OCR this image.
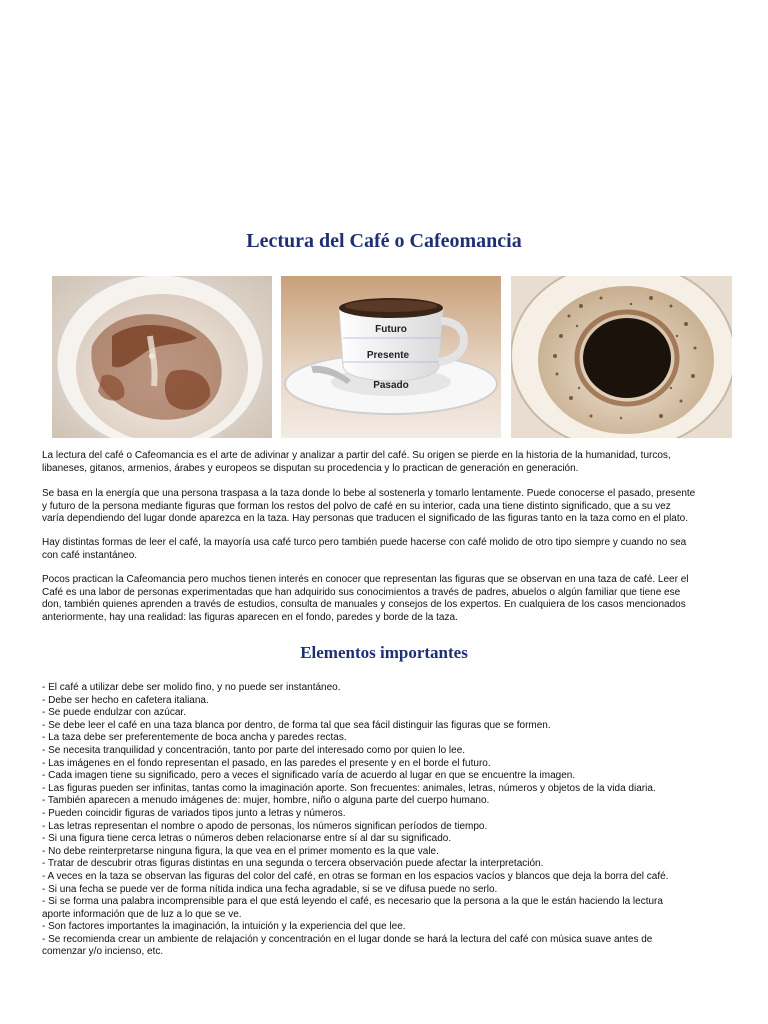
Lectura del Café o Cafeomancia
Futuro
Presente
Pasado
La lectura del café o Cafeomancia es el arte de adivinar y analizar a partir del café. Su origen se pierde en la historia de la humanidad, turcos,
libaneses, gitanos, armenios, árabes y europeos se disputan su procedencia y lo practican de generación en generación.
Se basa en la energía que una persona traspasa a la taza donde lo bebe al sostenerla y tomarlo lentamente. Puede conocerse el pasado, presente
y futuro de la persona mediante figuras que forman los restos del polvo de café en su interior, cada una tiene distinto significado, que a su vez
varía dependiendo del lugar donde aparezca en la taza. Hay personas que traducen el significado de las figuras tanto en la taza como en el plato.
Hay distintas formas de leer el café, la mayoría usa café turco pero también puede hacerse con café molido de otro tipo siempre y cuando no sea
con café instantáneo.
Pocos practican la Cafeomancia pero muchos tienen interés en conocer que representan las figuras que se observan en una taza de café. Leer el
Café es una labor de personas experimentadas que han adquirido sus conocimientos a través de padres, abuelos o algún familiar que tiene ese
don, también quienes aprenden a través de estudios, consulta de manuales y consejos de los expertos. En cualquiera de los casos mencionados
anteriormente, hay una realidad: las figuras aparecen en el fondo, paredes y borde de la taza.
Elementos importantes
- El café a utilizar debe ser molido fino, y no puede ser instantáneo.
- Debe ser hecho en cafetera italiana.
- Se puede endulzar con azúcar.
- Se debe leer el café en una taza blanca por dentro, de forma tal que sea fácil distinguir las figuras que se formen.
- La taza debe ser preferentemente de boca ancha y paredes rectas.
- Se necesita tranquilidad y concentración, tanto por parte del interesado como por quien lo lee.
- Las imágenes en el fondo representan el pasado, en las paredes el presente y en el borde el futuro.
- Cada imagen tiene su significado, pero a veces el significado varía de acuerdo al lugar en que se encuentre la imagen.
- Las figuras pueden ser infinitas, tantas como la imaginación aporte. Son frecuentes: animales, letras, números y objetos de la vida diaria.
- También aparecen a menudo imágenes de: mujer, hombre, niño o alguna parte del cuerpo humano.
- Pueden coincidir figuras de variados tipos junto a letras y números.
- Las letras representan el nombre o apodo de personas, los números significan períodos de tiempo.
- Si una figura tiene cerca letras o números deben relacionarse entre sí al dar su significado.
- No debe reinterpretarse ninguna figura, la que vea en el primer momento es la que vale.
- Tratar de descubrir otras figuras distintas en una segunda o tercera observación puede afectar la interpretación.
- A veces en la taza se observan las figuras del color del café, en otras se forman en los espacios vacíos y blancos que deja la borra del café.
- Si una fecha se puede ver de forma nítida indica una fecha agradable, si se ve difusa puede no serlo.
- Si se forma una palabra incomprensible para el que está leyendo el café, es necesario que la persona a la que le están haciendo la lectura
aporte información que de luz a lo que se ve.
- Son factores importantes la imaginación, la intuición y la experiencia del que lee.
- Se recomienda crear un ambiente de relajación y concentración en el lugar donde se hará la lectura del café con música suave antes de
comenzar y/o incienso, etc.
